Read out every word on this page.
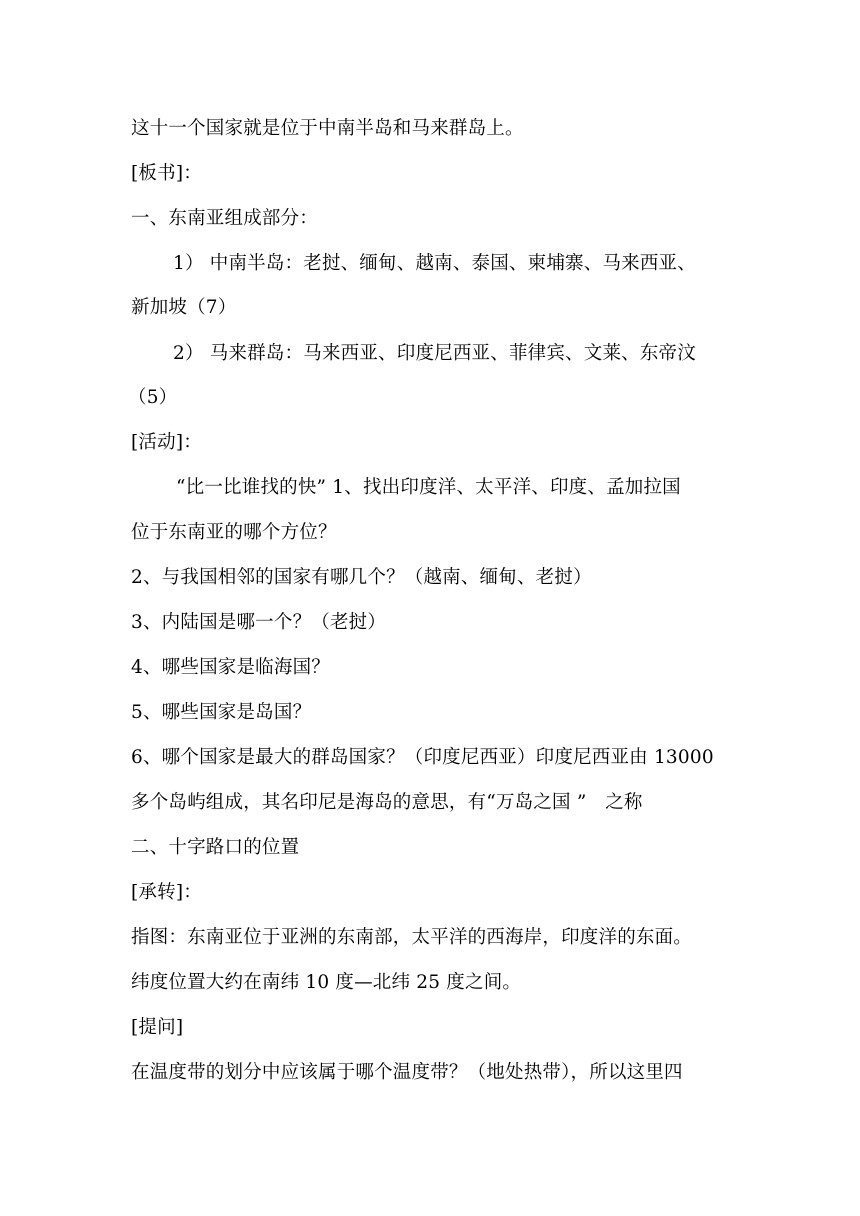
这十一个国家就是位于中南半岛和马来群岛上。
[板书]：
一、东南亚组成部分：
1） 中南半岛：老挝、缅甸、越南、泰国、柬埔寨、马来西亚、
新加坡（7）
2） 马来群岛：马来西亚、印度尼西亚、菲律宾、文莱、东帝汶
（5）
[活动]：
“比一比谁找的快” 1、找出印度洋、太平洋、印度、孟加拉国
位于东南亚的哪个方位？
2、与我国相邻的国家有哪几个？（越南、缅甸、老挝）
3、内陆国是哪一个？（老挝）
4、哪些国家是临海国？
5、哪些国家是岛国？
6、哪个国家是最大的群岛国家？（印度尼西亚）印度尼西亚由 13000
多个岛屿组成，其名印尼是海岛的意思，有“万岛之国 ”　之称
二、十字路口的位置
[承转]：
指图：东南亚位于亚洲的东南部，太平洋的西海岸，印度洋的东面。
纬度位置大约在南纬 10 度—北纬 25 度之间。
[提问]
在温度带的划分中应该属于哪个温度带？（地处热带），所以这里四
